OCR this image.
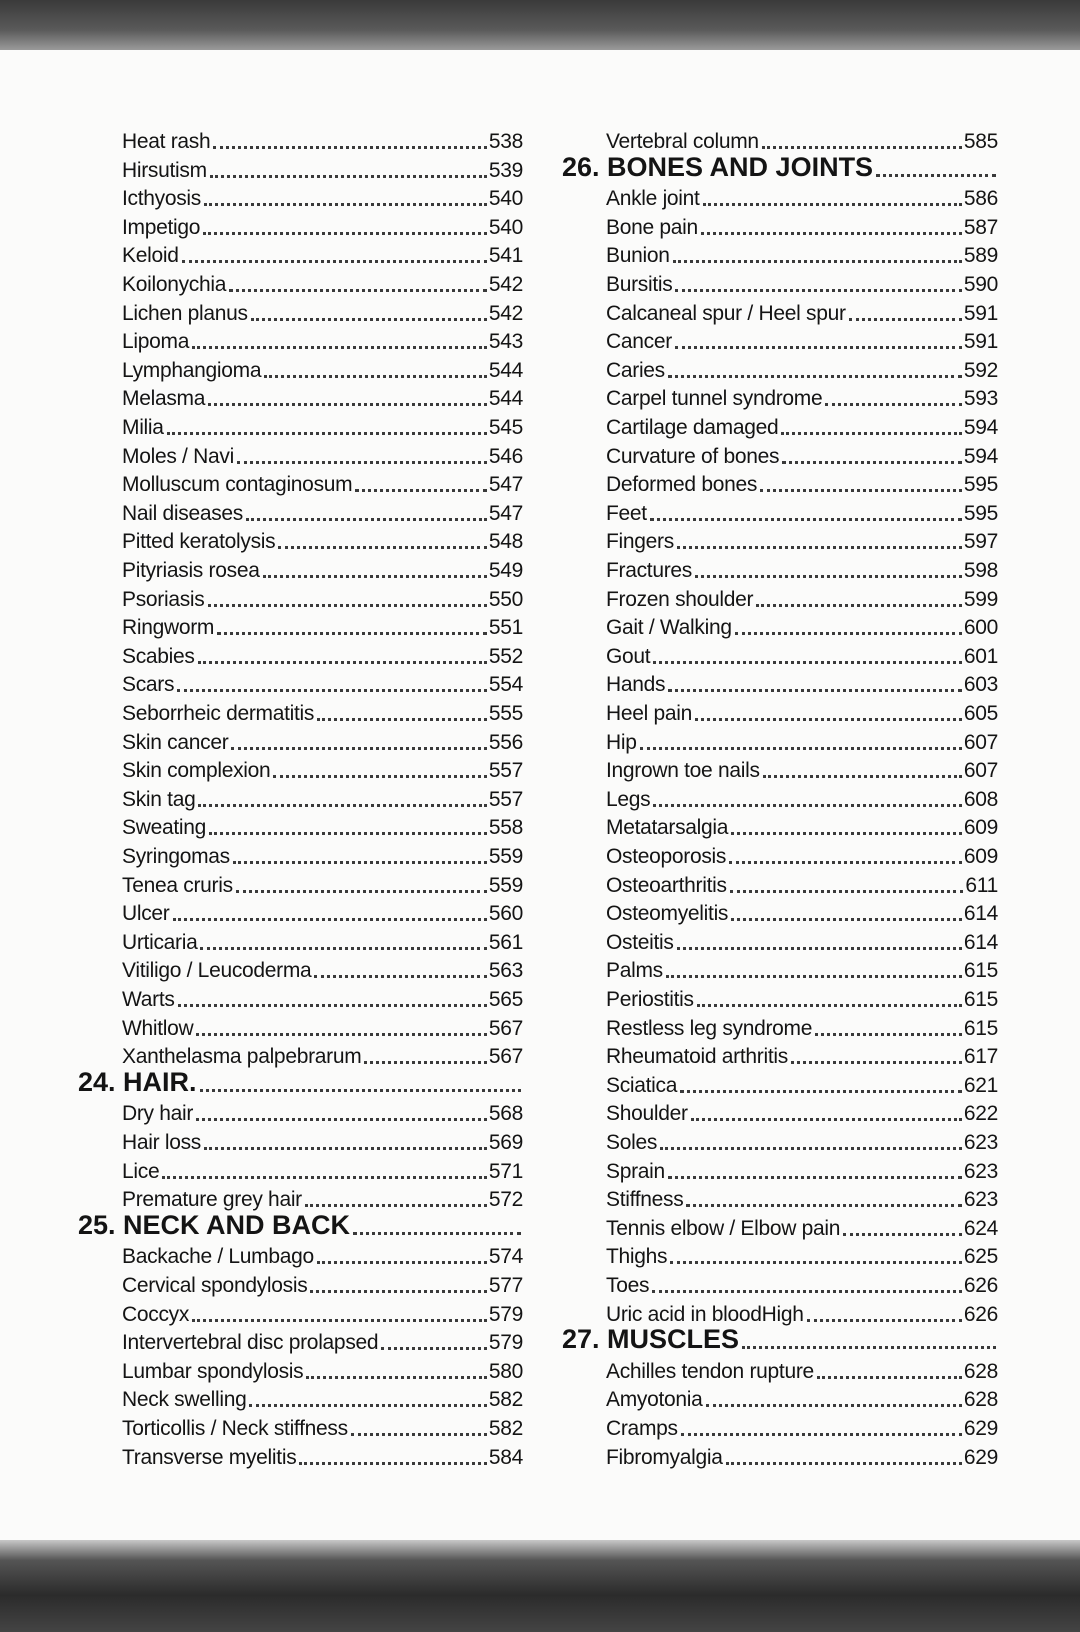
Heat rash	538
Hirsutism	539
Icthyosis	540
Impetigo	540
Keloid	541
Koilonychia	542
Lichen planus	542
Lipoma	543
Lymphangioma	544
Melasma	544
Milia	545
Moles / Navi	546
Molluscum contaginosum	547
Nail diseases	547
Pitted keratolysis	548
Pityriasis rosea	549
Psoriasis	550
Ringworm	551
Scabies	552
Scars	554
Seborrheic dermatitis	555
Skin cancer	556
Skin complexion	557
Skin tag	557
Sweating	558
Syringomas	559
Tenea cruris	559
Ulcer	560
Urticaria	561
Vitiligo / Leucoderma	563
Warts	565
Whitlow	567
Xanthelasma palpebrarum	567
24. HAIR.
Dry hair	568
Hair loss	569
Lice	571
Premature grey hair	572
25. NECK AND BACK
Backache / Lumbago	574
Cervical spondylosis	577
Coccyx	579
Intervertebral disc prolapsed	579
Lumbar spondylosis	580
Neck swelling	582
Torticollis / Neck stiffness	582
Transverse myelitis	584
Vertebral column	585
26. BONES AND JOINTS
Ankle joint	586
Bone pain	587
Bunion	589
Bursitis	590
Calcaneal spur / Heel spur	591
Cancer	591
Caries	592
Carpel tunnel syndrome	593
Cartilage damaged	594
Curvature of bones	594
Deformed bones	595
Feet	595
Fingers	597
Fractures	598
Frozen shoulder	599
Gait / Walking	600
Gout	601
Hands	603
Heel pain	605
Hip	607
Ingrown toe nails	607
Legs	608
Metatarsalgia	609
Osteoporosis	609
Osteoarthritis	611
Osteomyelitis	614
Osteitis	614
Palms	615
Periostitis	615
Restless leg syndrome	615
Rheumatoid arthritis	617
Sciatica	621
Shoulder	622
Soles	623
Sprain	623
Stiffness	623
Tennis elbow / Elbow pain	624
Thighs	625
Toes	626
Uric acid in bloodHigh	626
27. MUSCLES
Achilles tendon rupture	628
Amyotonia	628
Cramps	629
Fibromyalgia	629
